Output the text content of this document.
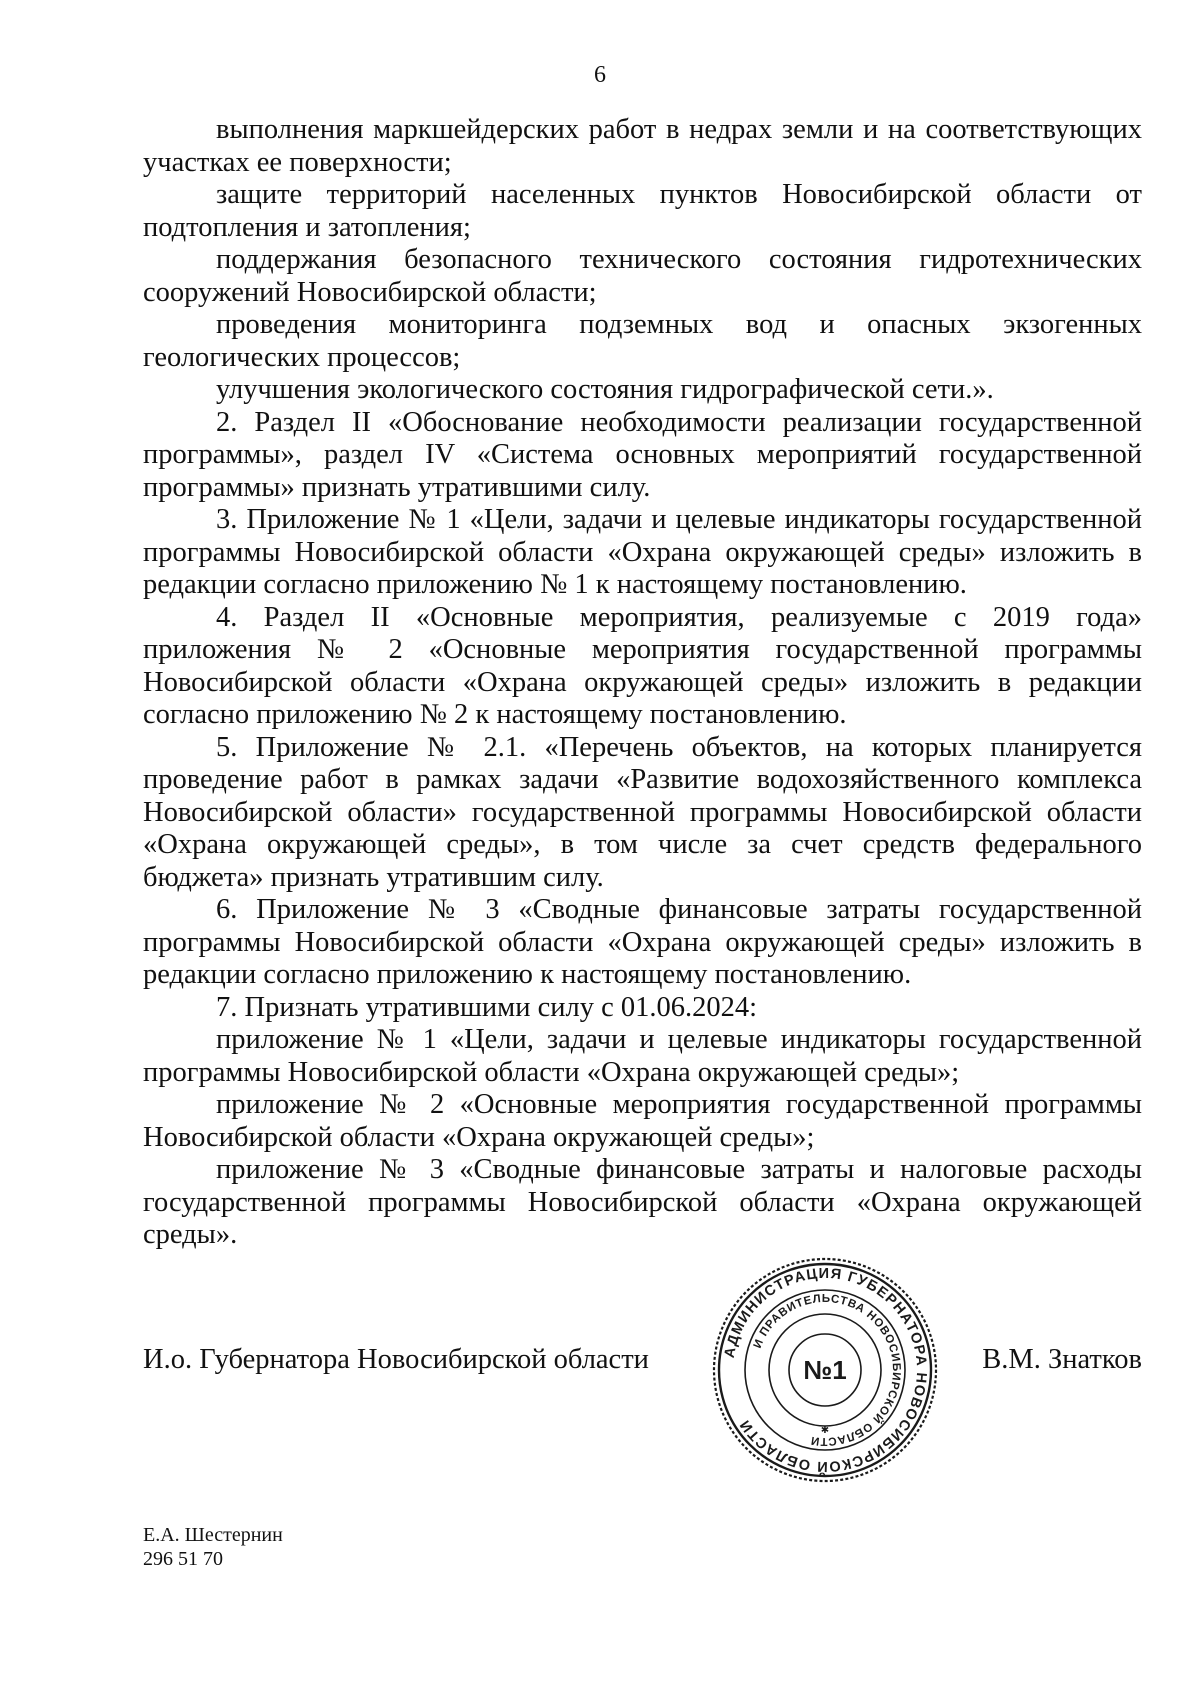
6

выполнения маркшейдерских работ в недрах земли и на соответствующих участках ее поверхности;

защите территорий населенных пунктов Новосибирской области от подтопления и затопления;

поддержания безопасного технического состояния гидротехнических сооружений Новосибирской области;

проведения мониторинга подземных вод и опасных экзогенных геологических процессов;

улучшения экологического состояния гидрографической сети.».

2. Раздел II «Обоснование необходимости реализации государственной программы», раздел IV «Система основных мероприятий государственной программы» признать утратившими силу.

3. Приложение № 1 «Цели, задачи и целевые индикаторы государственной программы Новосибирской области «Охрана окружающей среды» изложить в редакции согласно приложению № 1 к настоящему постановлению.

4. Раздел II «Основные мероприятия, реализуемые с 2019 года» приложения № 2 «Основные мероприятия государственной программы Новосибирской области «Охрана окружающей среды» изложить в редакции согласно приложению № 2 к настоящему постановлению.

5. Приложение № 2.1. «Перечень объектов, на которых планируется проведение работ в рамках задачи «Развитие водохозяйственного комплекса Новосибирской области» государственной программы Новосибирской области «Охрана окружающей среды», в том числе за счет средств федерального бюджета» признать утратившим силу.

6. Приложение № 3 «Сводные финансовые затраты государственной программы Новосибирской области «Охрана окружающей среды» изложить в редакции согласно приложению к настоящему постановлению.

7. Признать утратившими силу с 01.06.2024:

приложение № 1 «Цели, задачи и целевые индикаторы государственной программы Новосибирской области «Охрана окружающей среды»;

приложение № 2 «Основные мероприятия государственной программы Новосибирской области «Охрана окружающей среды»;

приложение № 3 «Сводные финансовые затраты и налоговые расходы государственной программы Новосибирской области «Охрана окружающей среды».

И.о. Губернатора Новосибирской области	В.М. Знатков
АДМИНИСТРАЦИЯ ГУБЕРНАТОРА НОВОСИБИРСКОЙ ОБЛАСТИ
И ПРАВИТЕЛЬСТВА НОВОСИБИРСКОЙ ОБЛАСТИ
№1
✱
Е.А. Шестернин
296 51 70
